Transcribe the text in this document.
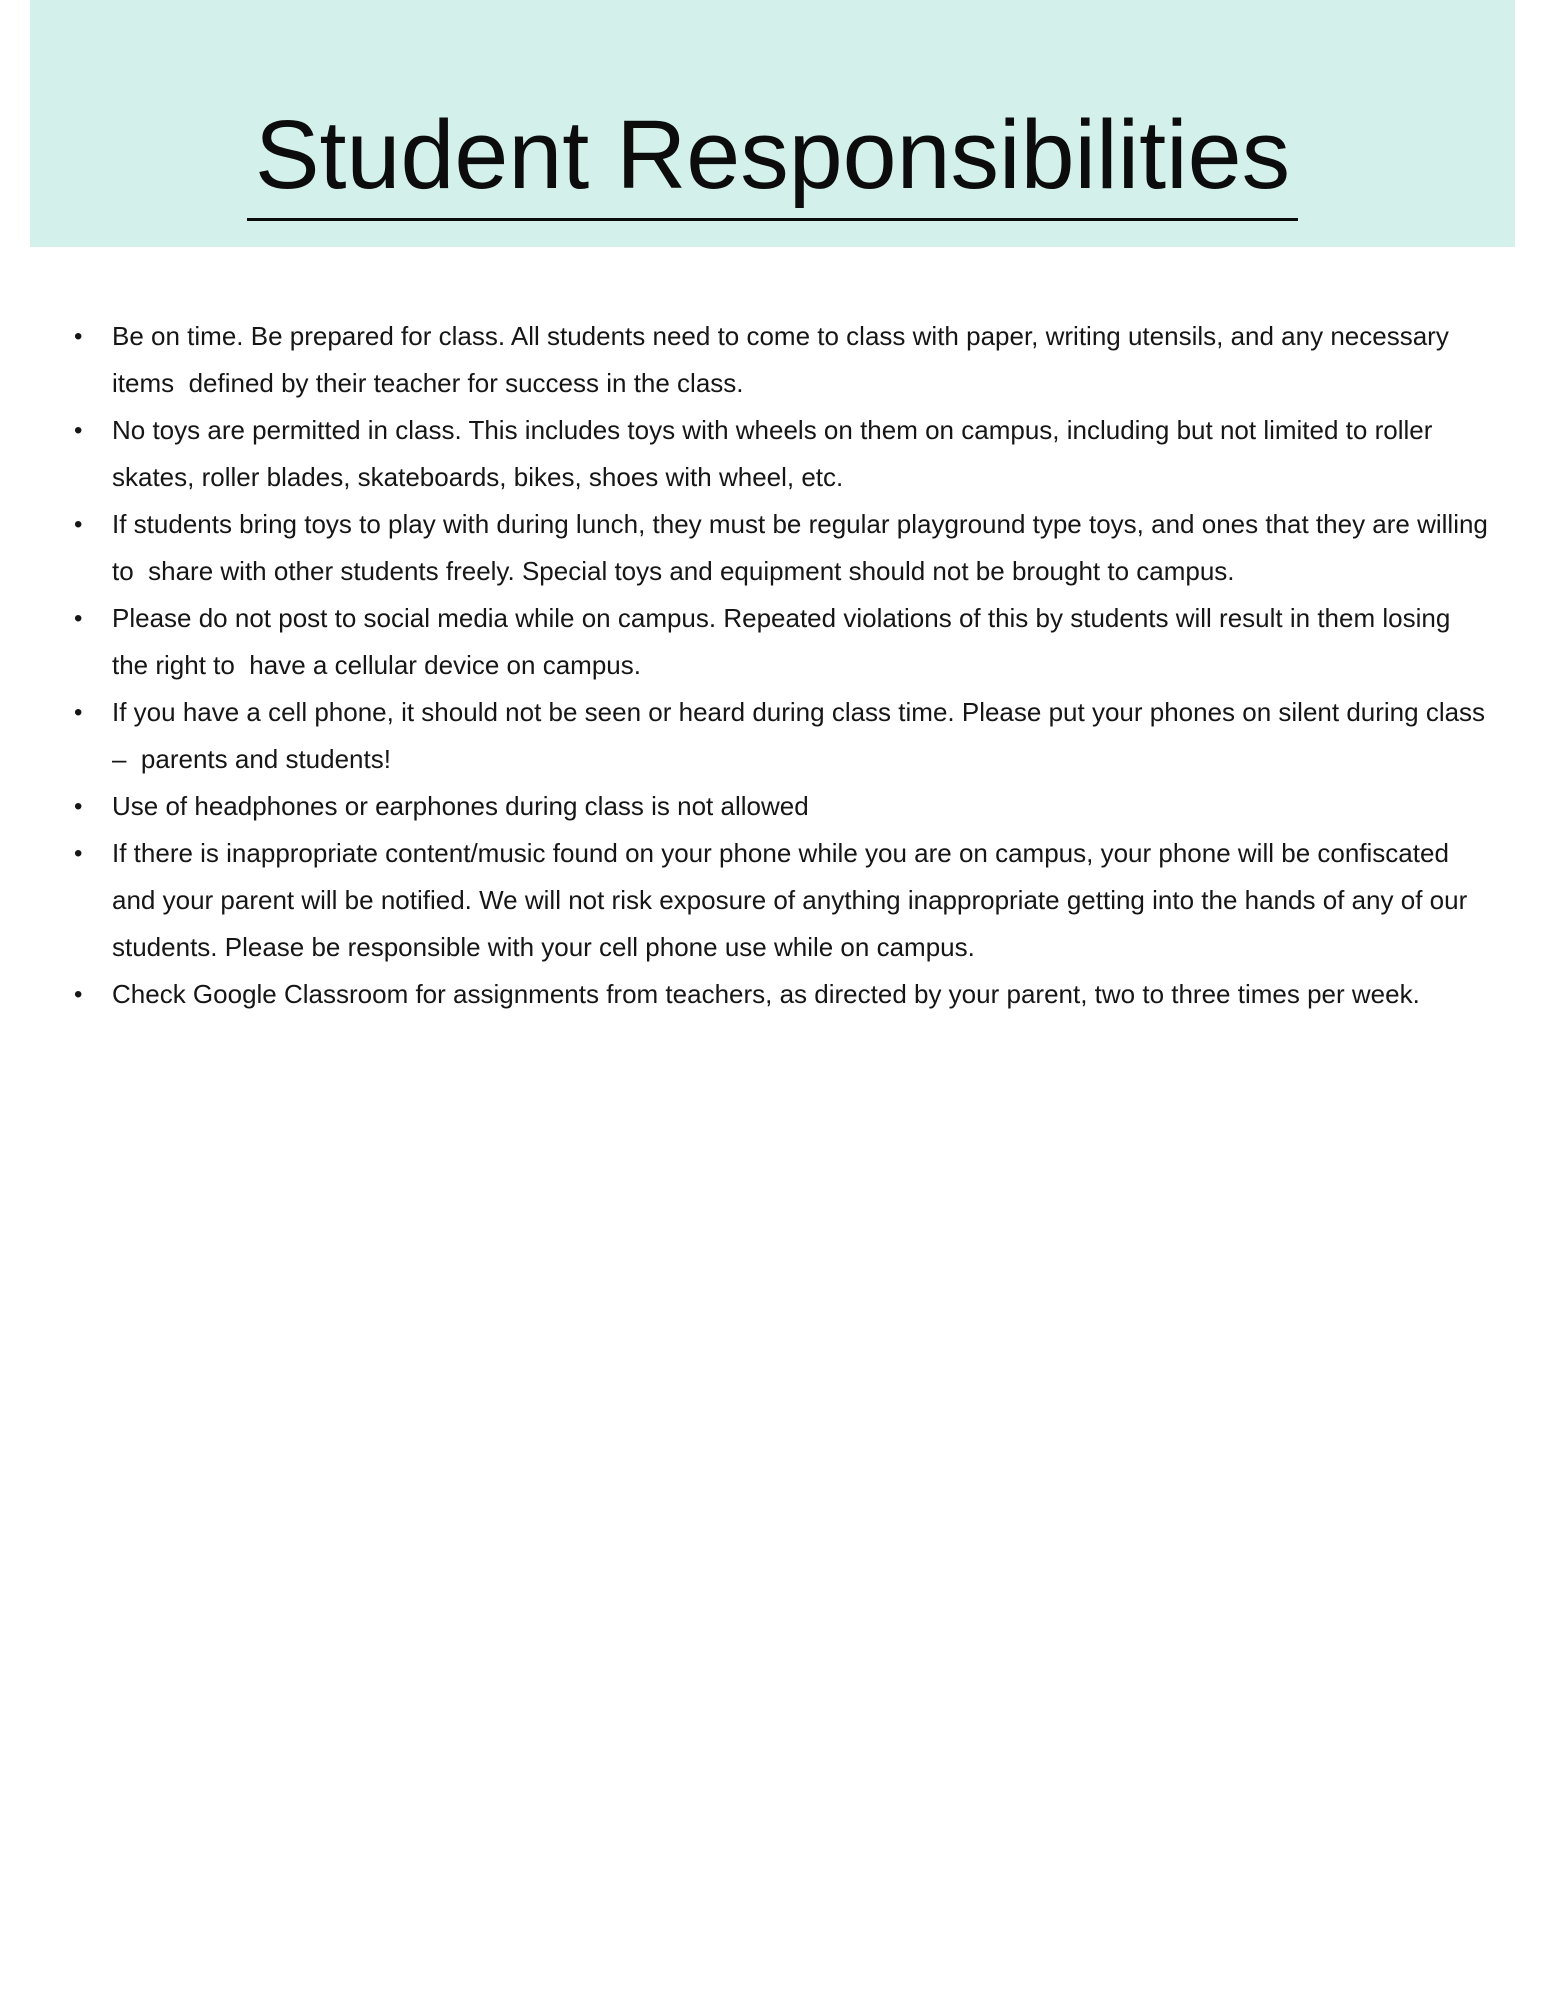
Student Responsibilities
•	Be on time. Be prepared for class. All students need to come to class with paper, writing utensils, and any necessary items  defined by their teacher for success in the class.
•	No toys are permitted in class. This includes toys with wheels on them on campus, including but not limited to roller skates, roller blades, skateboards, bikes, shoes with wheel, etc.
•	If students bring toys to play with during lunch, they must be regular playground type toys, and ones that they are willing to  share with other students freely. Special toys and equipment should not be brought to campus.
•	Please do not post to social media while on campus. Repeated violations of this by students will result in them losing the right to  have a cellular device on campus.
•	If you have a cell phone, it should not be seen or heard during class time. Please put your phones on silent during class –  parents and students!
•	Use of headphones or earphones during class is not allowed
•	If there is inappropriate content/music found on your phone while you are on campus, your phone will be confiscated and your parent will be notified. We will not risk exposure of anything inappropriate getting into the hands of any of our students. Please be responsible with your cell phone use while on campus.
•	Check Google Classroom for assignments from teachers, as directed by your parent, two to three times per week.
